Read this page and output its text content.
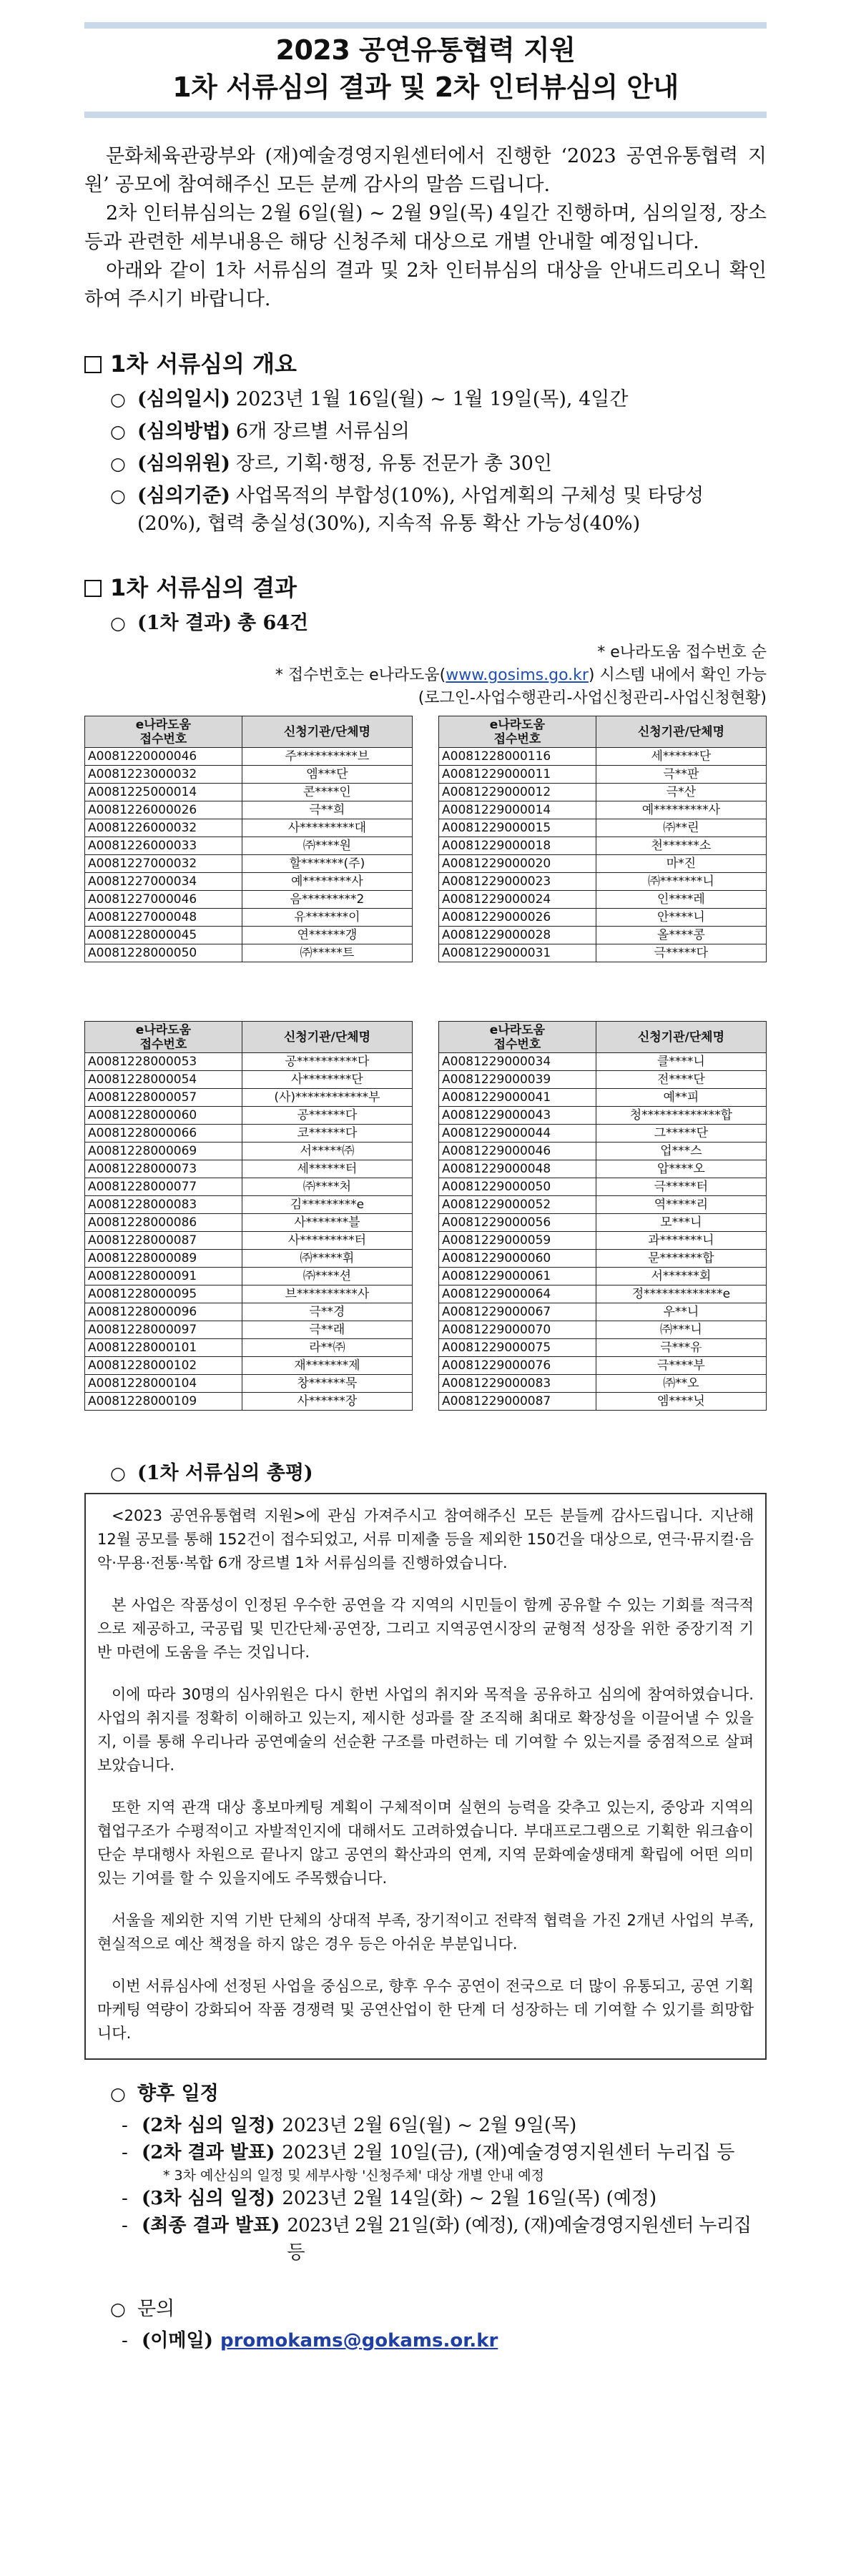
2023 공연유통협력 지원
1차 서류심의 결과 및 2차 인터뷰심의 안내

문화체육관광부와 (재)예술경영지원센터에서 진행한 ‘2023 공연유통협력 지원’ 공모에 참여해주신 모든 분께 감사의 말씀 드립니다.

2차 인터뷰심의는 2월 6일(월) ~ 2월 9일(목) 4일간 진행하며, 심의일정, 장소 등과 관련한 세부내용은 해당 신청주체 대상으로 개별 안내할 예정입니다.

아래와 같이 1차 서류심의 결과 및 2차 인터뷰심의 대상을 안내드리오니 확인하여 주시기 바랍니다.

1차 서류심의 개요
○ (심의일시) 2023년 1월 16일(월) ~ 1월 19일(목), 4일간
○ (심의방법) 6개 장르별 서류심의
○ (심의위원) 장르, 기획·행정, 유통 전문가 총 30인
○ (심의기준) 사업목적의 부합성(10%), 사업계획의 구체성 및 타당성(20%), 협력 충실성(30%), 지속적 유통 확산 가능성(40%)
1차 서류심의 결과
○ (1차 결과) 총 64건
* e나라도움 접수번호 순
* 접수번호는 e나라도움(www.gosims.go.kr) 시스템 내에서 확인 가능
(로그인-사업수행관리-사업신청관리-사업신청현황)
e나라도움
접수번호	신청기관/단체명
A0081220000046	주**********브
A0081223000032	엠***단
A0081225000014	콘****인
A0081226000026	극**희
A0081226000032	사*********대
A0081226000033	㈜****원
A0081227000032	할*******(주)
A0081227000034	예********사
A0081227000046	음*********2
A0081227000048	유*******이
A0081228000045	연******갱
A0081228000050	㈜*****트
e나라도움
접수번호	신청기관/단체명
A0081228000116	세******단
A0081229000011	극**판
A0081229000012	극*산
A0081229000014	예*********사
A0081229000015	㈜**린
A0081229000018	천******소
A0081229000020	마*진
A0081229000023	㈜*******니
A0081229000024	인****레
A0081229000026	안****니
A0081229000028	올****콩
A0081229000031	극*****다
e나라도움
접수번호	신청기관/단체명
A0081228000053	공**********다
A0081228000054	사********단
A0081228000057	(사)************부
A0081228000060	공******다
A0081228000066	코******다
A0081228000069	서*****㈜
A0081228000073	세******터
A0081228000077	㈜****처
A0081228000083	김*********e
A0081228000086	사*******블
A0081228000087	사*********터
A0081228000089	㈜*****휘
A0081228000091	㈜****션
A0081228000095	브**********사
A0081228000096	극**경
A0081228000097	극**래
A0081228000101	라**㈜
A0081228000102	재*******제
A0081228000104	창******묵
A0081228000109	사******장
e나라도움
접수번호	신청기관/단체명
A0081229000034	클****니
A0081229000039	전****단
A0081229000041	예**피
A0081229000043	청*************합
A0081229000044	그*****단
A0081229000046	업***스
A0081229000048	압****오
A0081229000050	극*****터
A0081229000052	역*****리
A0081229000056	모***니
A0081229000059	과*******니
A0081229000060	문*******합
A0081229000061	서******회
A0081229000064	정*************e
A0081229000067	우**니
A0081229000070	㈜***니
A0081229000075	극***유
A0081229000076	극****부
A0081229000083	㈜**오
A0081229000087	엠****닛
○ (1차 서류심의 총평)

<2023 공연유통협력 지원>에 관심 가져주시고 참여해주신 모든 분들께 감사드립니다. 지난해 12월 공모를 통해 152건이 접수되었고, 서류 미제출 등을 제외한 150건을 대상으로, 연극·뮤지컬·음악·무용·전통·복합 6개 장르별 1차 서류심의를 진행하였습니다.

본 사업은 작품성이 인정된 우수한 공연을 각 지역의 시민들이 함께 공유할 수 있는 기회를 적극적으로 제공하고, 국공립 및 민간단체·공연장, 그리고 지역공연시장의 균형적 성장을 위한 중장기적 기반 마련에 도움을 주는 것입니다.

이에 따라 30명의 심사위원은 다시 한번 사업의 취지와 목적을 공유하고 심의에 참여하였습니다. 사업의 취지를 정확히 이해하고 있는지, 제시한 성과를 잘 조직해 최대로 확장성을 이끌어낼 수 있을지, 이를 통해 우리나라 공연예술의 선순환 구조를 마련하는 데 기여할 수 있는지를 중점적으로 살펴보았습니다.

또한 지역 관객 대상 홍보마케팅 계획이 구체적이며 실현의 능력을 갖추고 있는지, 중앙과 지역의 협업구조가 수평적이고 자발적인지에 대해서도 고려하였습니다. 부대프로그램으로 기획한 워크숍이 단순 부대행사 차원으로 끝나지 않고 공연의 확산과의 연계, 지역 문화예술생태계 확립에 어떤 의미 있는 기여를 할 수 있을지에도 주목했습니다.

서울을 제외한 지역 기반 단체의 상대적 부족, 장기적이고 전략적 협력을 가진 2개년 사업의 부족, 현실적으로 예산 책정을 하지 않은 경우 등은 아쉬운 부분입니다.

이번 서류심사에 선정된 사업을 중심으로, 향후 우수 공연이 전국으로 더 많이 유통되고, 공연 기획마케팅 역량이 강화되어 작품 경쟁력 및 공연산업이 한 단계 더 성장하는 데 기여할 수 있기를 희망합니다.

○ 향후 일정
- (2차 심의 일정) 2023년 2월 6일(월) ~ 2월 9일(목)
- (2차 결과 발표) 2023년 2월 10일(금), (재)예술경영지원센터 누리집 등
* 3차 예산심의 일정 및 세부사항 '신청주체' 대상 개별 안내 예정
- (3차 심의 일정) 2023년 2월 14일(화) ~ 2월 16일(목) (예정)
- (최종 결과 발표) 2023년 2월 21일(화) (예정), (재)예술경영지원센터 누리집 등
○ 문의
- (이메일) promokams@gokams.or.kr
